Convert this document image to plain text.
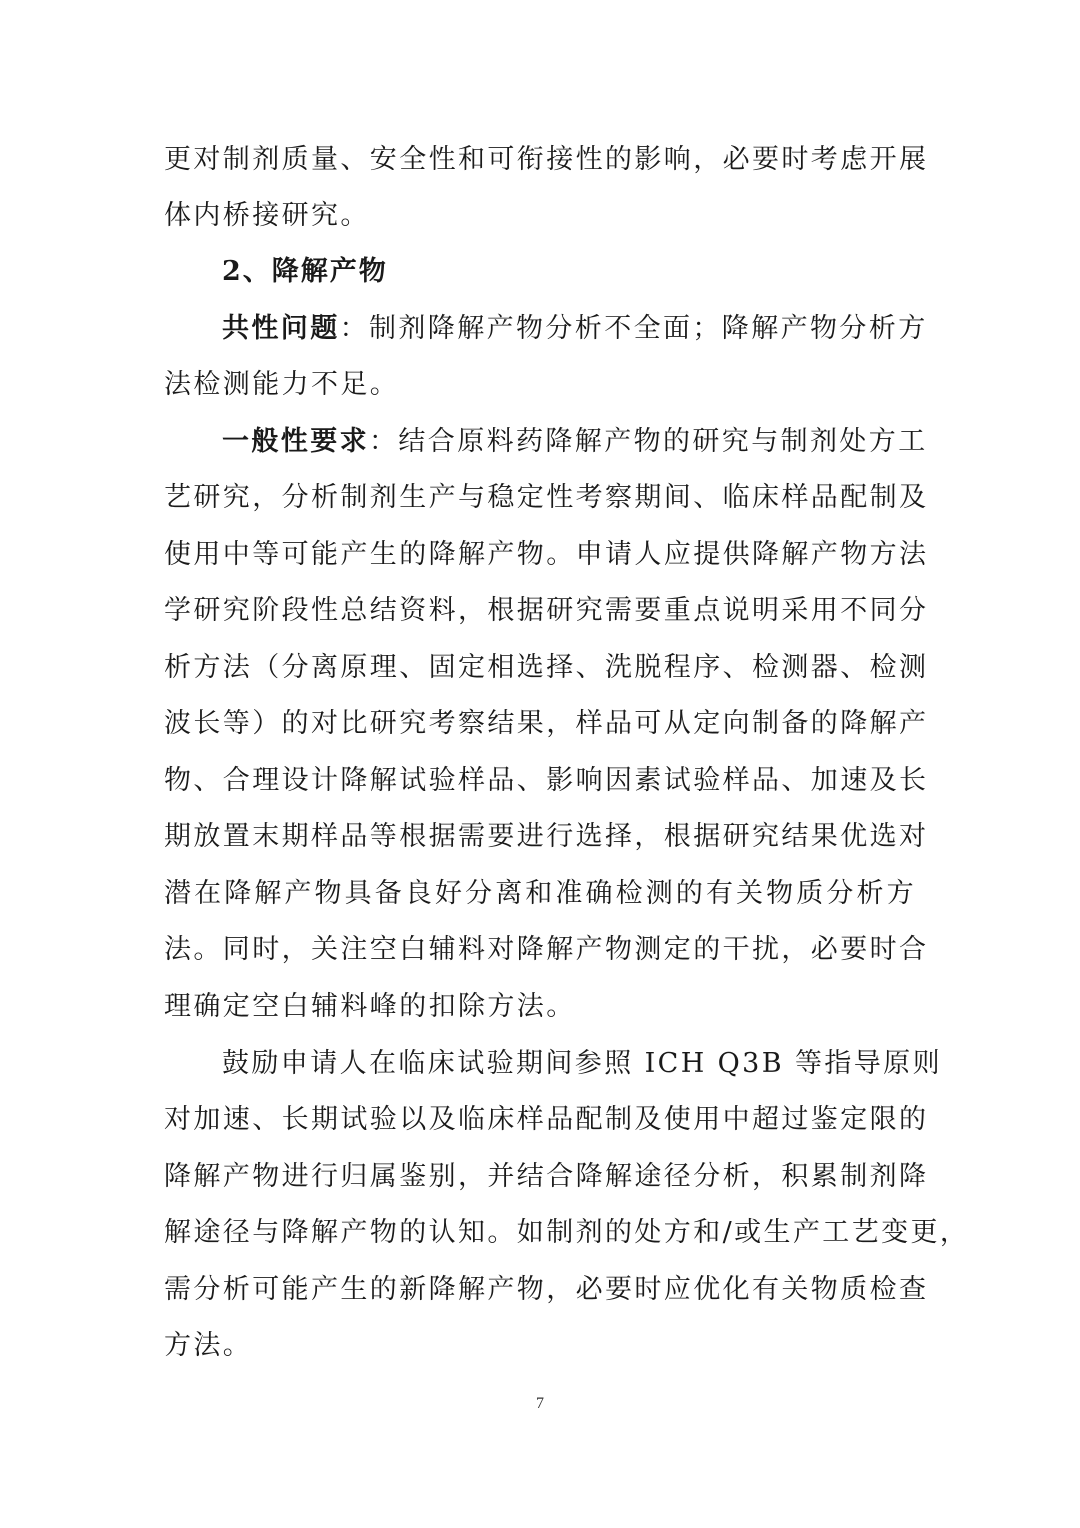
更对制剂质量、安全性和可衔接性的影响，必要时考虑开展
体内桥接研究。
2、降解产物
共性问题：制剂降解产物分析不全面；降解产物分析方
法检测能力不足。
一般性要求：结合原料药降解产物的研究与制剂处方工
艺研究，分析制剂生产与稳定性考察期间、临床样品配制及
使用中等可能产生的降解产物。申请人应提供降解产物方法
学研究阶段性总结资料，根据研究需要重点说明采用不同分
析方法（分离原理、固定相选择、洗脱程序、检测器、检测
波长等）的对比研究考察结果，样品可从定向制备的降解产
物、合理设计降解试验样品、影响因素试验样品、加速及长
期放置末期样品等根据需要进行选择，根据研究结果优选对
潜在降解产物具备良好分离和准确检测的有关物质分析方
法。同时，关注空白辅料对降解产物测定的干扰，必要时合
理确定空白辅料峰的扣除方法。
鼓励申请人在临床试验期间参照 ICH Q3B 等指导原则
对加速、长期试验以及临床样品配制及使用中超过鉴定限的
降解产物进行归属鉴别，并结合降解途径分析，积累制剂降
解途径与降解产物的认知。如制剂的处方和/或生产工艺变更，
需分析可能产生的新降解产物，必要时应优化有关物质检查
方法。
7
